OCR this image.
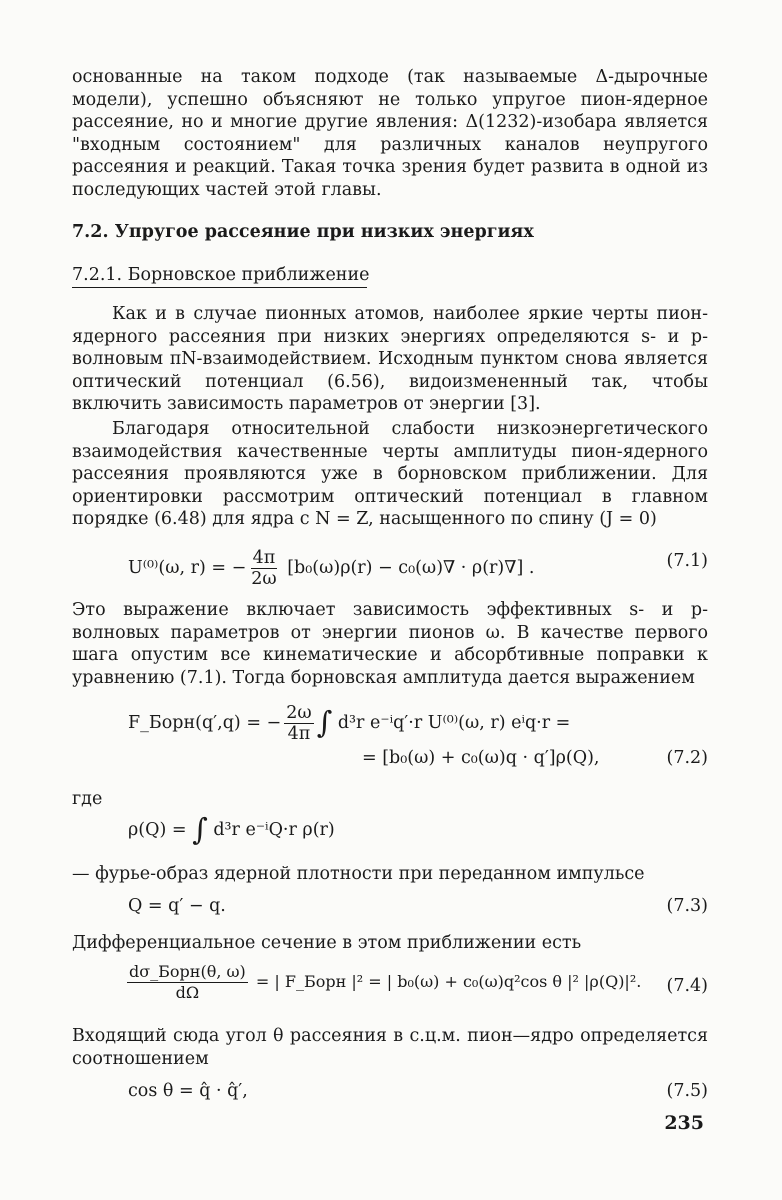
основанные на таком подходе (так называемые Δ-дырочные модели), успешно объясняют не только упругое пион-ядерное рассеяние, но и многие другие явления: Δ(1232)-изобара является "входным состоянием" для различных каналов неупругого рассеяния и реакций. Такая точка зрения будет развита в одной из последующих частей этой главы.

7.2. Упругое рассеяние при низких энергиях

7.2.1. Борновское приближение

Как и в случае пионных атомов, наиболее яркие черты пион-ядерного рассеяния при низких энергиях определяются s- и p-волновым πN-взаимодействием. Исходным пунктом снова является оптический потенциал (6.56), видоизмененный так, чтобы включить зависимость параметров от энергии [3].

Благодаря относительной слабости низкоэнергетического взаимодействия качественные черты амплитуды пион-ядерного рассеяния проявляются уже в борновском приближении. Для ориентировки рассмотрим оптический потенциал в главном порядке (6.48) для ядра с N = Z, насыщенного по спину (J = 0)

U⁽⁰⁾(ω, r) = − $\frac{4\pi}{2\omega} [b_0(\omega)\rho(r) - c_0(\omega)\nabla \cdot \rho(r)\nabla]$ .	(7.1)

Это выражение включает зависимость эффективных s- и p-волновых параметров от энергии пионов ω. В качестве первого шага опустим все кинематические и абсорбтивные поправки к уравнению (7.1). Тогда борновская амплитуда дается выражением

F_Борн(q′,q) = − $\frac{2\omega}{4\pi}$ ∫ d³r e⁻ⁱq′·r U⁽⁰⁾(ω, r) eⁱq·r =
= [b₀(ω) + c₀(ω)q · q′]ρ(Q),	(7.2)

где

ρ(Q) = ∫ d³r e⁻ⁱQ·r ρ(r)

— фурье-образ ядерной плотности при переданном импульсе

Q = q′ − q.	(7.3)

Дифференциальное сечение в этом приближении есть

$\frac{\text{dσ\_Борн(θ, ω)}}{d\Omega}$ = | F_Борн |² = | b₀(ω) + c₀(ω)q²cos θ |² |ρ(Q)|². (7.4)

Входящий сюда угол θ рассеяния в с.ц.м. пион—ядро определяется соотношением

cos θ = q̂ · q̂′,	(7.5)
235
